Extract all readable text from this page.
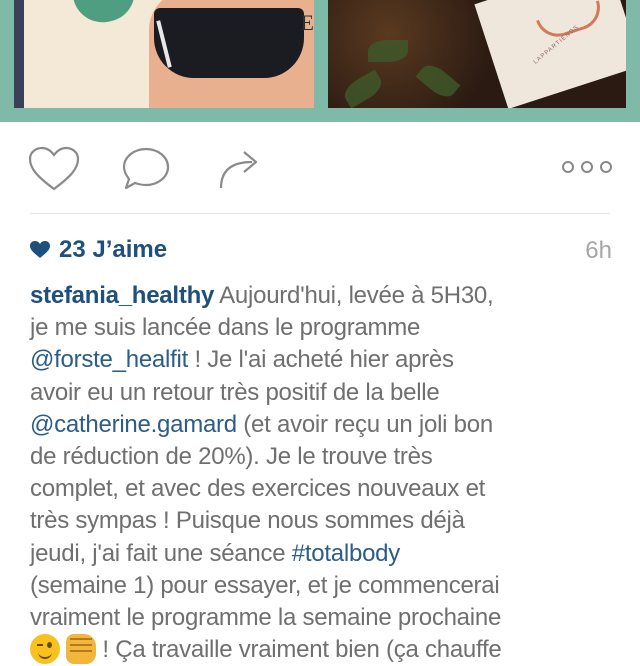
E
LAPPARTIENDS
23 J’aime	6h
stefania_healthy Aujourd'hui, levée à 5H30,
je me suis lancée dans le programme
@forste_healfit ! Je l'ai acheté hier après
avoir eu un retour très positif de la belle
@catherine.gamard (et avoir reçu un joli bon
de réduction de 20%). Je le trouve très
complet, et avec des exercices nouveaux et
très sympas ! Puisque nous sommes déjà
jeudi, j'ai fait une séance #totalbody
(semaine 1) pour essayer, et je commencerai
vraiment le programme la semaine prochaine
! Ça travaille vraiment bien (ça chauffe
